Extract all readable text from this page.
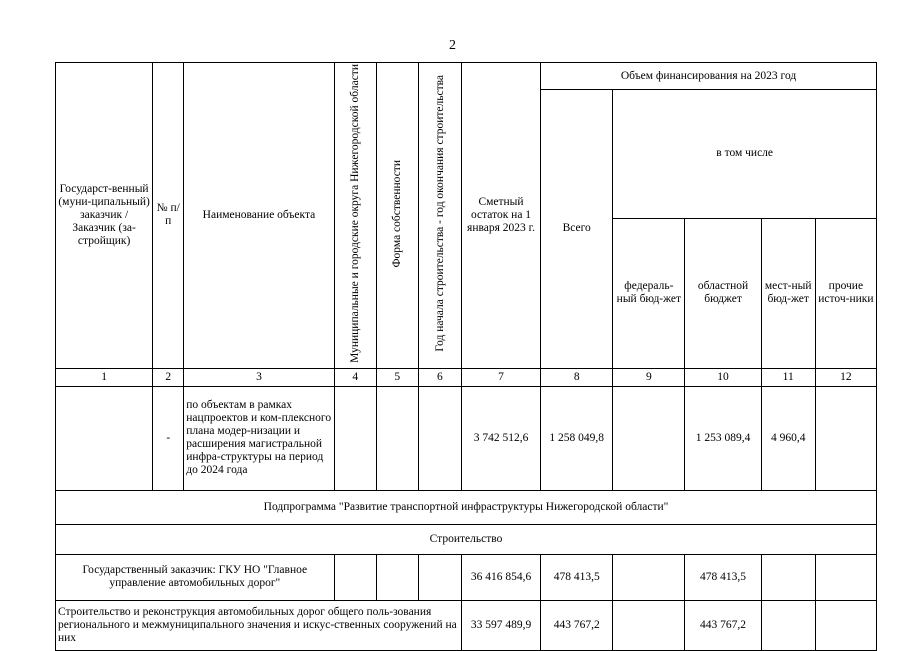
2
Государст-венный (муни-ципальный) заказчик / Заказчик (за-стройщик)	№ п/п	Наименование объекта	Муниципальные и городские округа Нижегородской области	Форма собственности	Год начала строительства - год окончания строительства	Сметный остаток на 1 января 2023 г.	Объем финансирования на 2023 год				
							Всего	в том числе			
								федераль-ный бюд-жет	областной бюджет	мест-ный бюд-жет	прочие источ-ники
1	2	3	4	5	6	7	8	9	10	11	12
	-	по объектам в рамках нацпроектов и ком-плексного плана модер-низации и расширения магистральной инфра-структуры на период до 2024 года				3 742 512,6	1 258 049,8		1 253 089,4	4 960,4	
Подпрограмма "Развитие транспортной инфраструктуры Нижегородской области"											
Строительство											
Государственный заказчик: ГКУ НО "Главное управление автомобильных дорог"						36 416 854,6	478 413,5		478 413,5		
Строительство и реконструкция автомобильных дорог общего поль-зования регионального и межмуниципального значения и искус-ственных сооружений на них						33 597 489,9	443 767,2		443 767,2		
